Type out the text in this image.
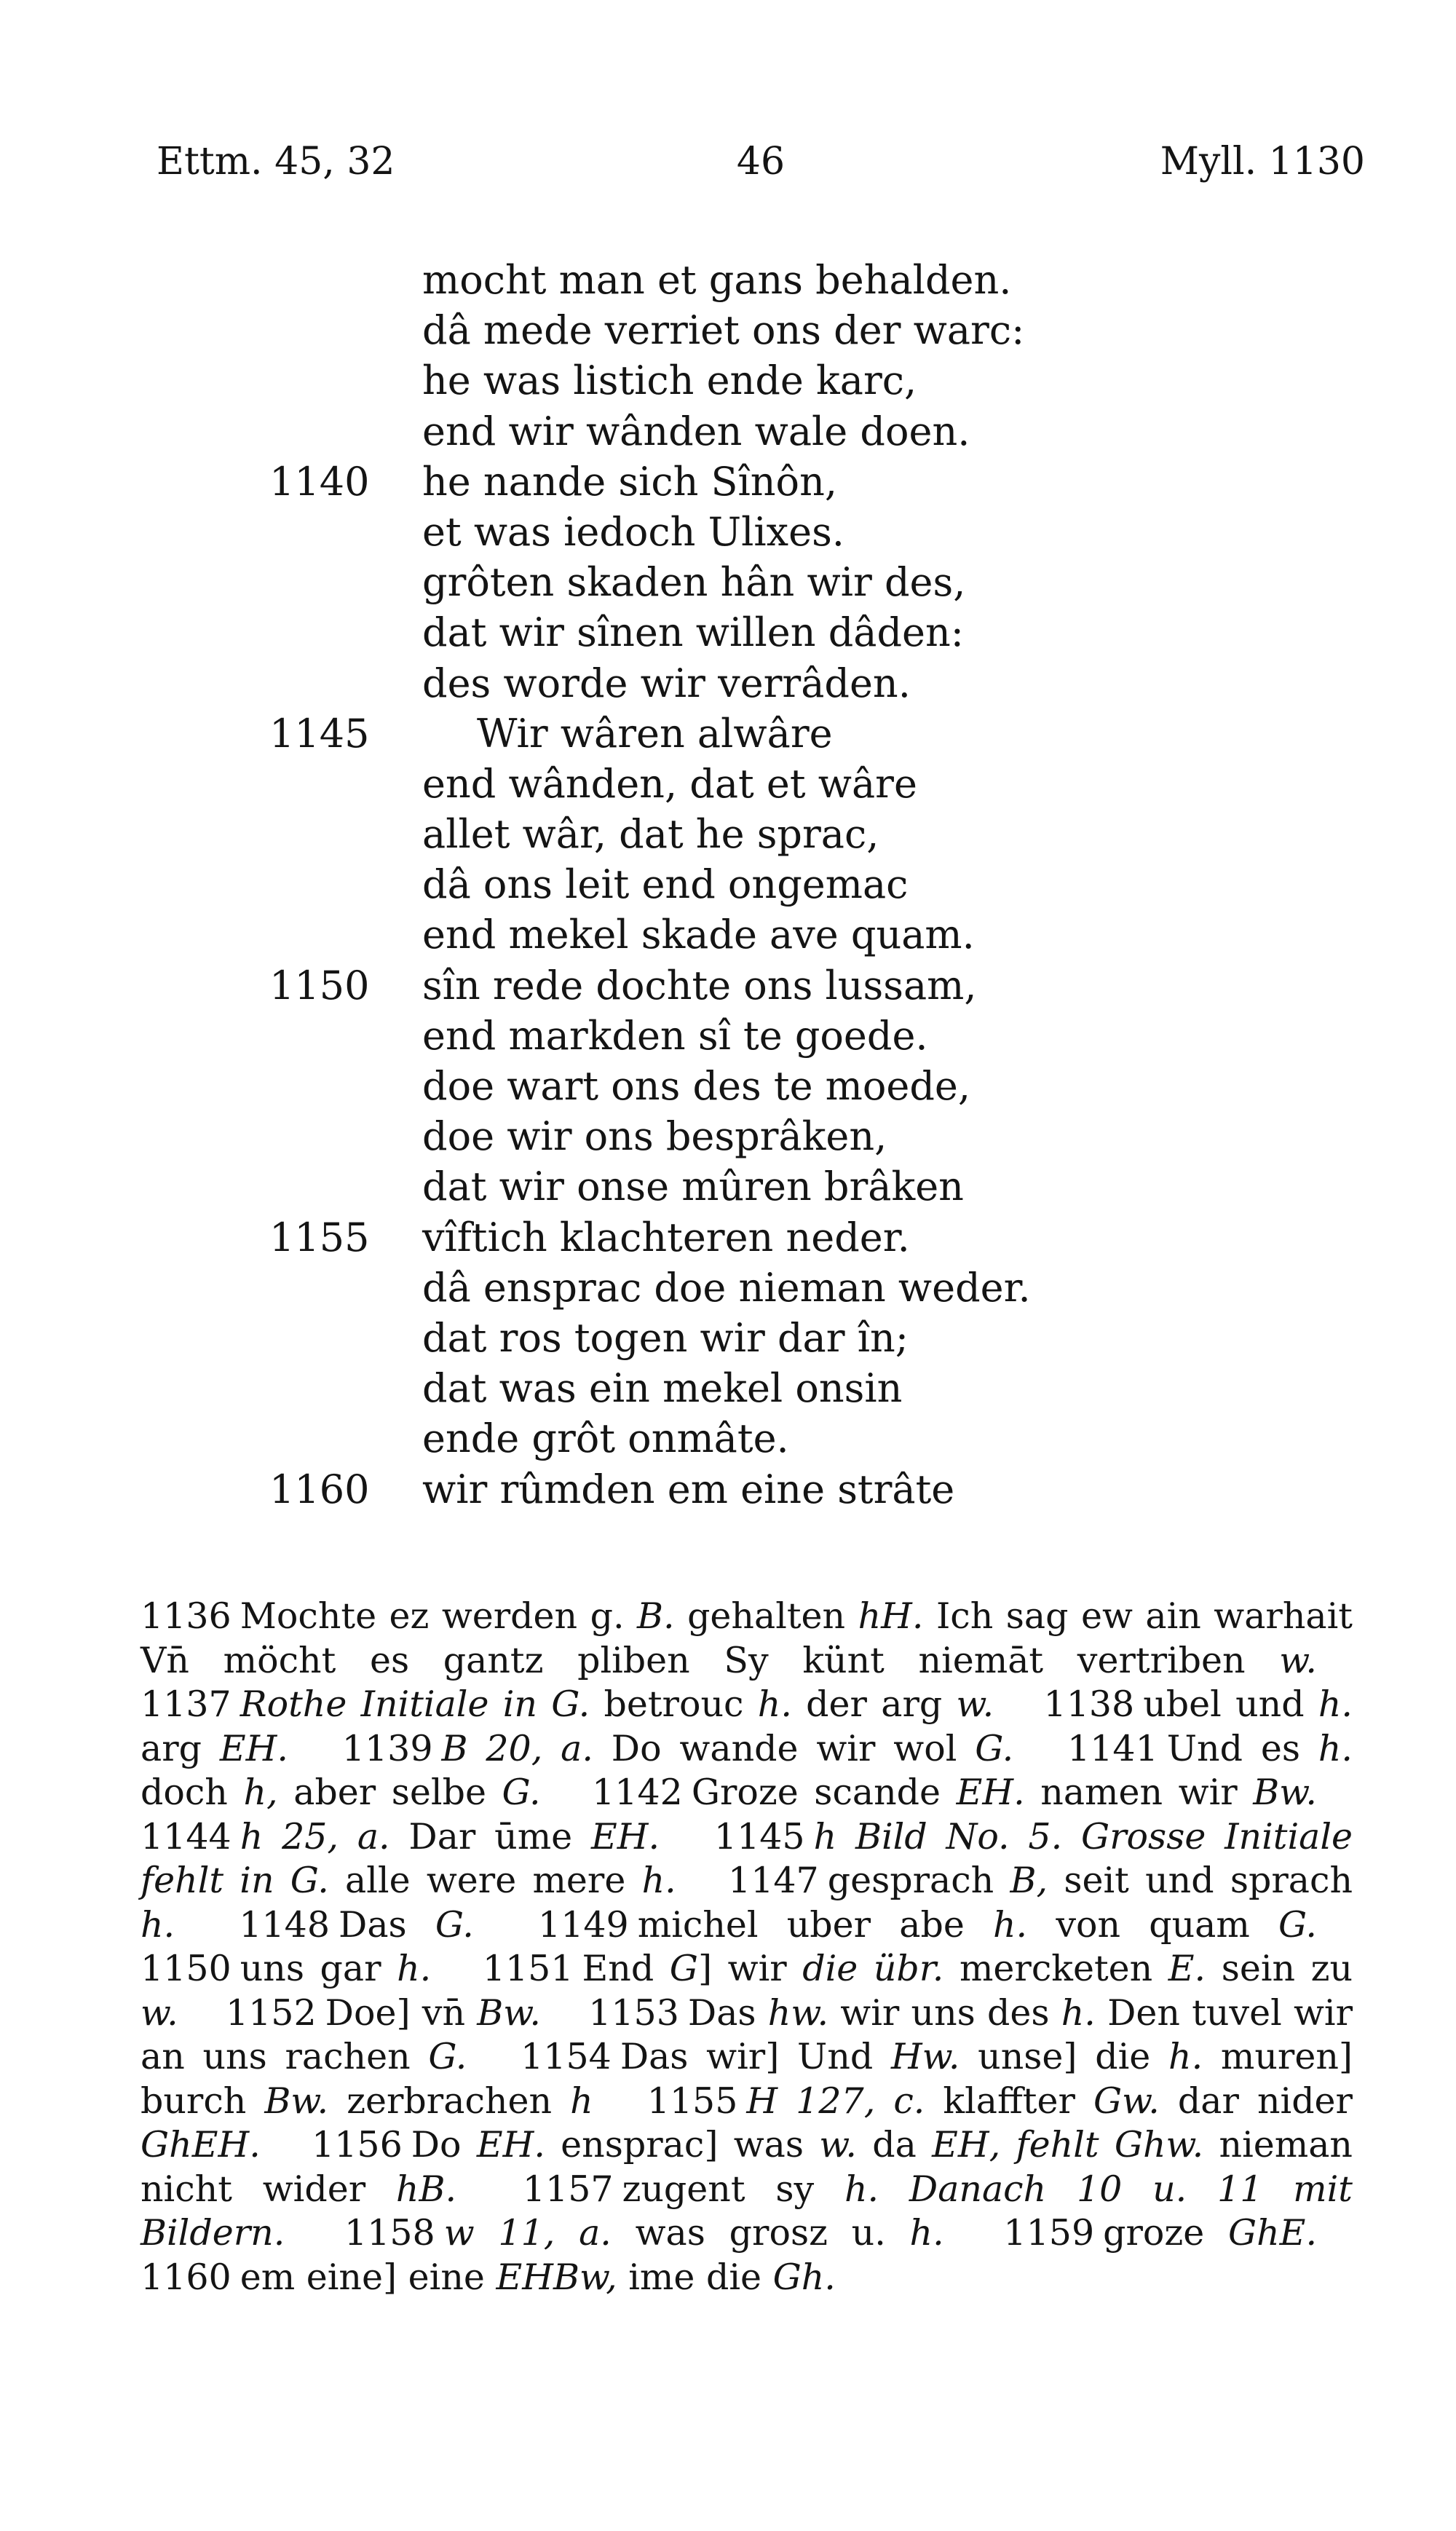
Ettm. 45, 32	46	Myll. 1130
mocht man et gans behalden.
dâ mede verriet ons der warc:
he was listich ende karc,
end wir wânden wale doen.
1140 he nande sich Sînôn,
et was iedoch Ulixes.
grôten skaden hân wir des,
dat wir sînen willen dâden:
des worde wir verrâden.
1145	Wir wâren alwâre
end wânden, dat et wâre
allet wâr, dat he sprac,
dâ ons leit end ongemac
end mekel skade ave quam.
1150 sîn rede dochte ons lussam,
end markden sî te goede.
doe wart ons des te moede,
doe wir ons besprâken,
dat wir onse mûren brâken
1155 vîftich klachteren neder.
dâ ensprac doe nieman weder.
dat ros togen wir dar în;
dat was ein mekel onsin
ende grôt onmâte.
1160 wir rûmden em eine strâte

1136 Mochte ez werden g. B. gehalten hH. Ich sag ew ain warhait Vn̄ möcht es gantz pliben Sy künt niemāt vertriben w.  1137 Rothe Initiale in G. betrouc h. der arg w.  1138 ubel und h. arg EH.  1139 B 20, a. Do wande wir wol G.  1141 Und es h. doch h, aber selbe G.  1142 Groze scande EH. namen wir Bw.  1144 h 25, a. Dar ūme EH.  1145 h Bild No. 5. Grosse Initiale fehlt in G. alle were mere h.  1147 gesprach B, seit und sprach h.  1148 Das G.  1149 michel uber abe h. von quam G.  1150 uns gar h.  1151 End G] wir die übr. mercketen E. sein zu w.  1152 Doe] vn̄ Bw.  1153 Das hw. wir uns des h. Den tuvel wir an uns rachen G.  1154 Das wir] Und Hw. unse] die h. muren] burch Bw. zerbrachen h  1155 H 127, c. klaffter Gw. dar nider GhEH.  1156 Do EH. ensprac] was w. da EH, fehlt Ghw. nieman nicht wider hB.  1157 zugent sy h. Danach 10 u. 11 mit Bildern.  1158 w 11, a. was grosz u. h.  1159 groze GhE.  1160 em eine] eine EHBw, ime die Gh.
